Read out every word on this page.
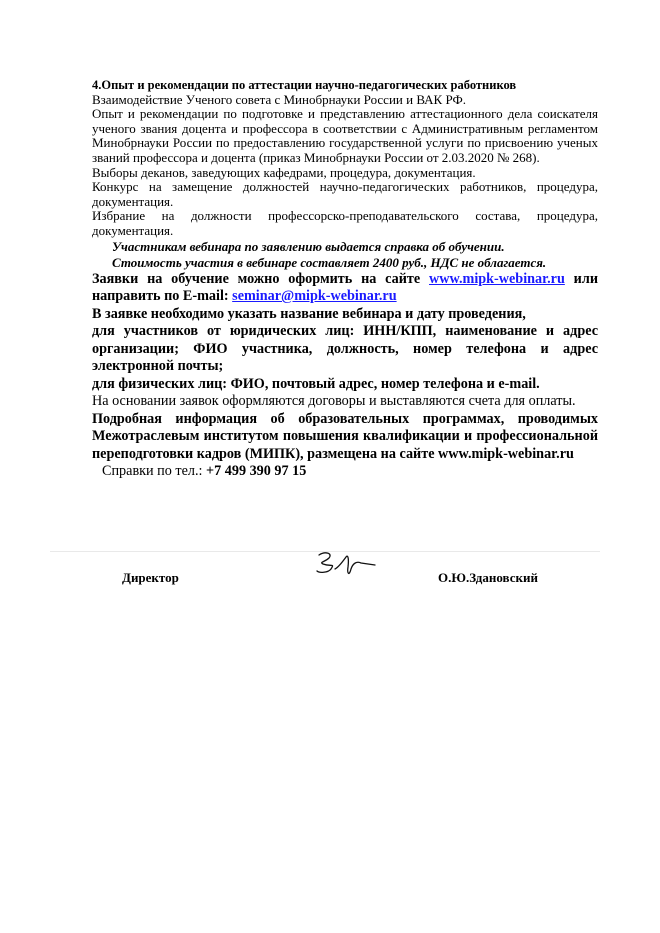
4.Опыт и рекомендации по аттестации научно-педагогических работников

Взаимодействие Ученого совета с Минобрнауки России и ВАК РФ.

Опыт и рекомендации по подготовке и представлению аттестационного дела соискателя ученого звания доцента и профессора в соответствии с Административным регламентом Минобрнауки России по предоставлению государственной услуги по присвоению ученых званий профессора и доцента (приказ Минобрнауки России от 2.03.2020 № 268).

Выборы деканов, заведующих кафедрами, процедура, документация.

Конкурс на замещение должностей научно-педагогических работников, процедура, документация.

Избрание на должности профессорско-преподавательского состава, процедура, документация.

Участникам вебинара по заявлению выдается справка об обучении.

Стоимость участия в вебинаре составляет 2400 руб., НДС не облагается.

Заявки на обучение можно оформить на сайте www.mipk-webinar.ru или направить по E-mail: seminar@mipk-webinar.ru

В заявке необходимо указать название вебинара и дату проведения,

для участников от юридических лиц: ИНН/КПП, наименование и адрес организации; ФИО участника, должность, номер телефона и адрес электронной почты;

для физических лиц: ФИО, почтовый адрес, номер телефона и e-mail.

На основании заявок оформляются договоры и выставляются счета для оплаты.

Подробная информация об образовательных программах, проводимых Межотраслевым институтом повышения квалификации и профессиональной переподготовки кадров (МИПК), размещена на сайте www.mipk-webinar.ru

Справки по тел.: +7 499 390 97 15

Директор	О.Ю.Здановский
